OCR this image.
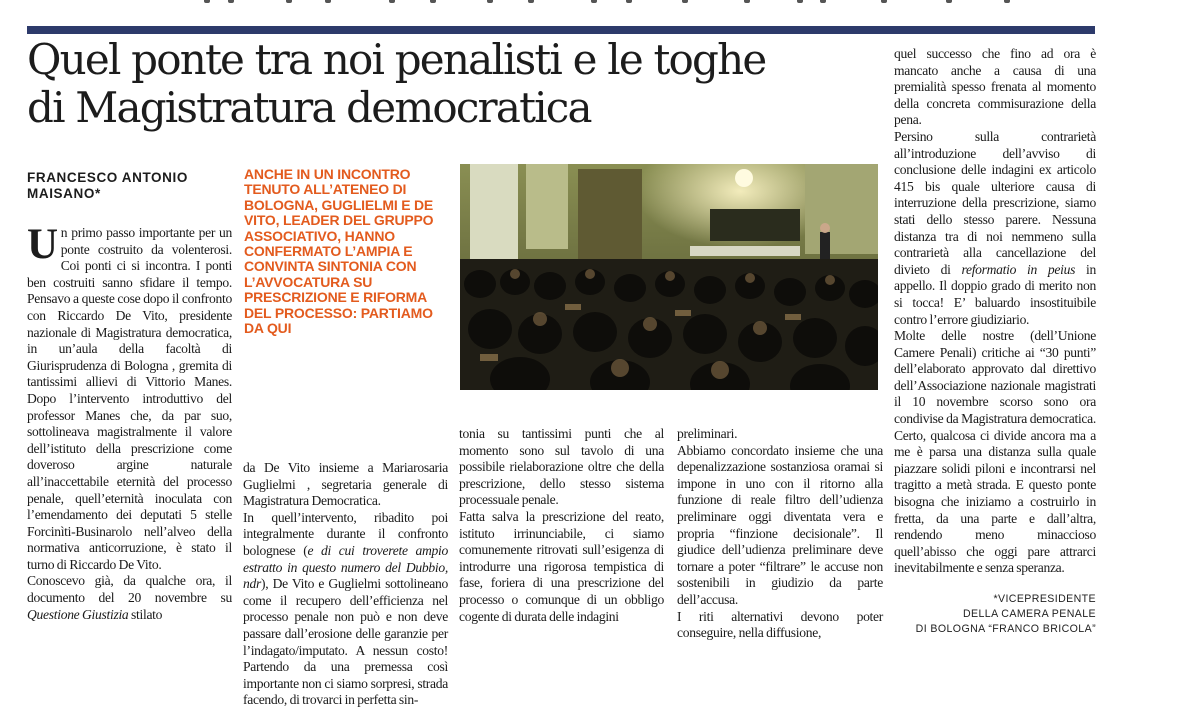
Quel ponte tra noi penalisti e le toghe
di Magistratura democratica
FRANCESCO ANTONIO
MAISANO*

Un primo passo importante per un ponte costruito da volenterosi. Coi ponti ci si incontra. I ponti ben costruiti sanno sfidare il tempo. Pensavo a queste cose dopo il confronto con Riccardo De Vito, presidente nazionale di Magistratura democratica, in un’aula della facoltà di Giurisprudenza di Bologna , gremita di tantissimi allievi di Vittorio Manes. Dopo l’intervento introduttivo del professor Manes che, da par suo, sottolineava magistralmente il valore dell’istituto della prescrizione come doveroso argine naturale all’inaccettabile eternità del processo penale, quell’eternità inoculata con l’emendamento dei deputati 5 stelle Forcinìti-Businarolo nell’alveo della normativa anticorruzione, è stato il turno di Riccardo De Vito.

Conoscevo già, da qualche ora, il documento del 20 novembre su Questione Giustizia stilato

ANCHE IN UN INCONTRO TENUTO ALL’ATENEO DI BOLOGNA, GUGLIELMI E DE VITO, LEADER DEL GRUPPO ASSOCIATIVO, HANNO CONFERMATO L’AMPIA E CONVINTA SINTONIA CON L’AVVOCATURA SU PRESCRIZIONE E RIFORMA DEL PROCESSO: PARTIAMO DA QUI

da De Vito insieme a Mariarosaria Guglielmi , segretaria generale di Magistratura Democratica.

In quell’intervento, ribadito poi integralmente durante il confronto bolognese (e di cui troverete ampio estratto in questo numero del Dubbio, ndr), De Vito e Guglielmi sottolineano come il recupero dell’efficienza nel processo penale non può e non deve passare dall’erosione delle garanzie per l’indagato/imputato. A nessun costo! Partendo da una premessa così importante non ci siamo sorpresi, strada facendo, di trovarci in perfetta sin-

tonia su tantissimi punti che al momento sono sul tavolo di una possibile rielaborazione oltre che della prescrizione, dello stesso sistema processuale penale.

Fatta salva la prescrizione del reato, istituto irrinunciabile, ci siamo comunemente ritrovati sull’esigenza di introdurre una rigorosa tempistica di fase, foriera di una prescrizione del processo o comunque di un obbligo cogente di durata delle indagini

preliminari.

Abbiamo concordato insieme che una depenalizzazione sostanziosa oramai si impone in uno con il ritorno alla funzione di reale filtro dell’udienza preliminare oggi diventata vera e propria “finzione decisionale”. Il giudice dell’udienza preliminare deve tornare a poter “filtrare” le accuse non sostenibili in giudizio da parte dell’accusa.

I riti alternativi devono poter conseguire, nella diffusione,

quel successo che fino ad ora è mancato anche a causa di una premialità spesso frenata al momento della concreta commisurazione della pena.

Persino sulla contrarietà all’introduzione dell’avviso di conclusione delle indagini ex articolo 415 bis quale ulteriore causa di interruzione della prescrizione, siamo stati dello stesso parere. Nessuna distanza tra di noi nemmeno sulla contrarietà alla cancellazione del divieto di reformatio in peius in appello. Il doppio grado di merito non si tocca! E’ baluardo insostituibile contro l’errore giudiziario.

Molte delle nostre (dell’Unione Camere Penali) critiche ai “30 punti” dell’elaborato approvato dal direttivo dell’Associazione nazionale magistrati il 10 novembre scorso sono ora condivise da Magistratura democratica. Certo, qualcosa ci divide ancora ma a me è parsa una distanza sulla quale piazzare solidi piloni e incontrarsi nel tragitto a metà strada. E questo ponte bisogna che iniziamo a costruirlo in fretta, da una parte e dall’altra, rendendo meno minaccioso quell’abisso che oggi pare attrarci inevitabilmente e senza speranza.

*VICEPRESIDENTE
DELLA CAMERA PENALE
DI BOLOGNA “FRANCO BRICOLA”
